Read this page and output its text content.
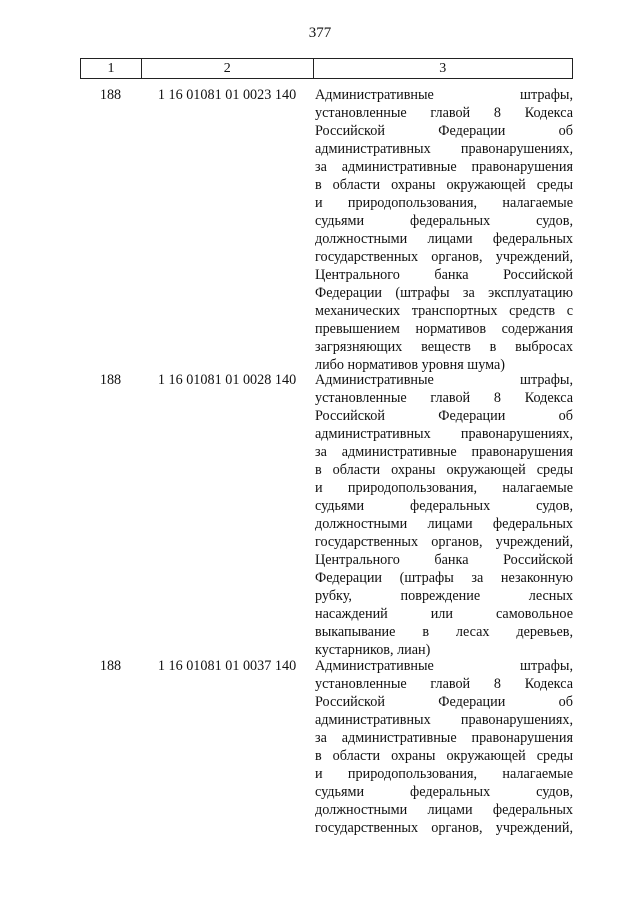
377
1	2	3
188	1 16 01081 01 0023 140	Административные штрафы,
установленные главой 8 Кодекса
Российской Федерации об
административных правонарушениях,
за административные правонарушения
в области охраны окружающей среды
и природопользования, налагаемые
судьями федеральных судов,
должностными лицами федеральных
государственных органов, учреждений,
Центрального банка Российской
Федерации (штрафы за эксплуатацию
механических транспортных средств с
превышением нормативов содержания
загрязняющих веществ в выбросах
либо нормативов уровня шума)
188	1 16 01081 01 0028 140	Административные штрафы,
установленные главой 8 Кодекса
Российской Федерации об
административных правонарушениях,
за административные правонарушения
в области охраны окружающей среды
и природопользования, налагаемые
судьями федеральных судов,
должностными лицами федеральных
государственных органов, учреждений,
Центрального банка Российской
Федерации (штрафы за незаконную
рубку, повреждение лесных
насаждений или самовольное
выкапывание в лесах деревьев,
кустарников, лиан)
188	1 16 01081 01 0037 140	Административные штрафы,
установленные главой 8 Кодекса
Российской Федерации об
административных правонарушениях,
за административные правонарушения
в области охраны окружающей среды
и природопользования, налагаемые
судьями федеральных судов,
должностными лицами федеральных
государственных органов, учреждений,
